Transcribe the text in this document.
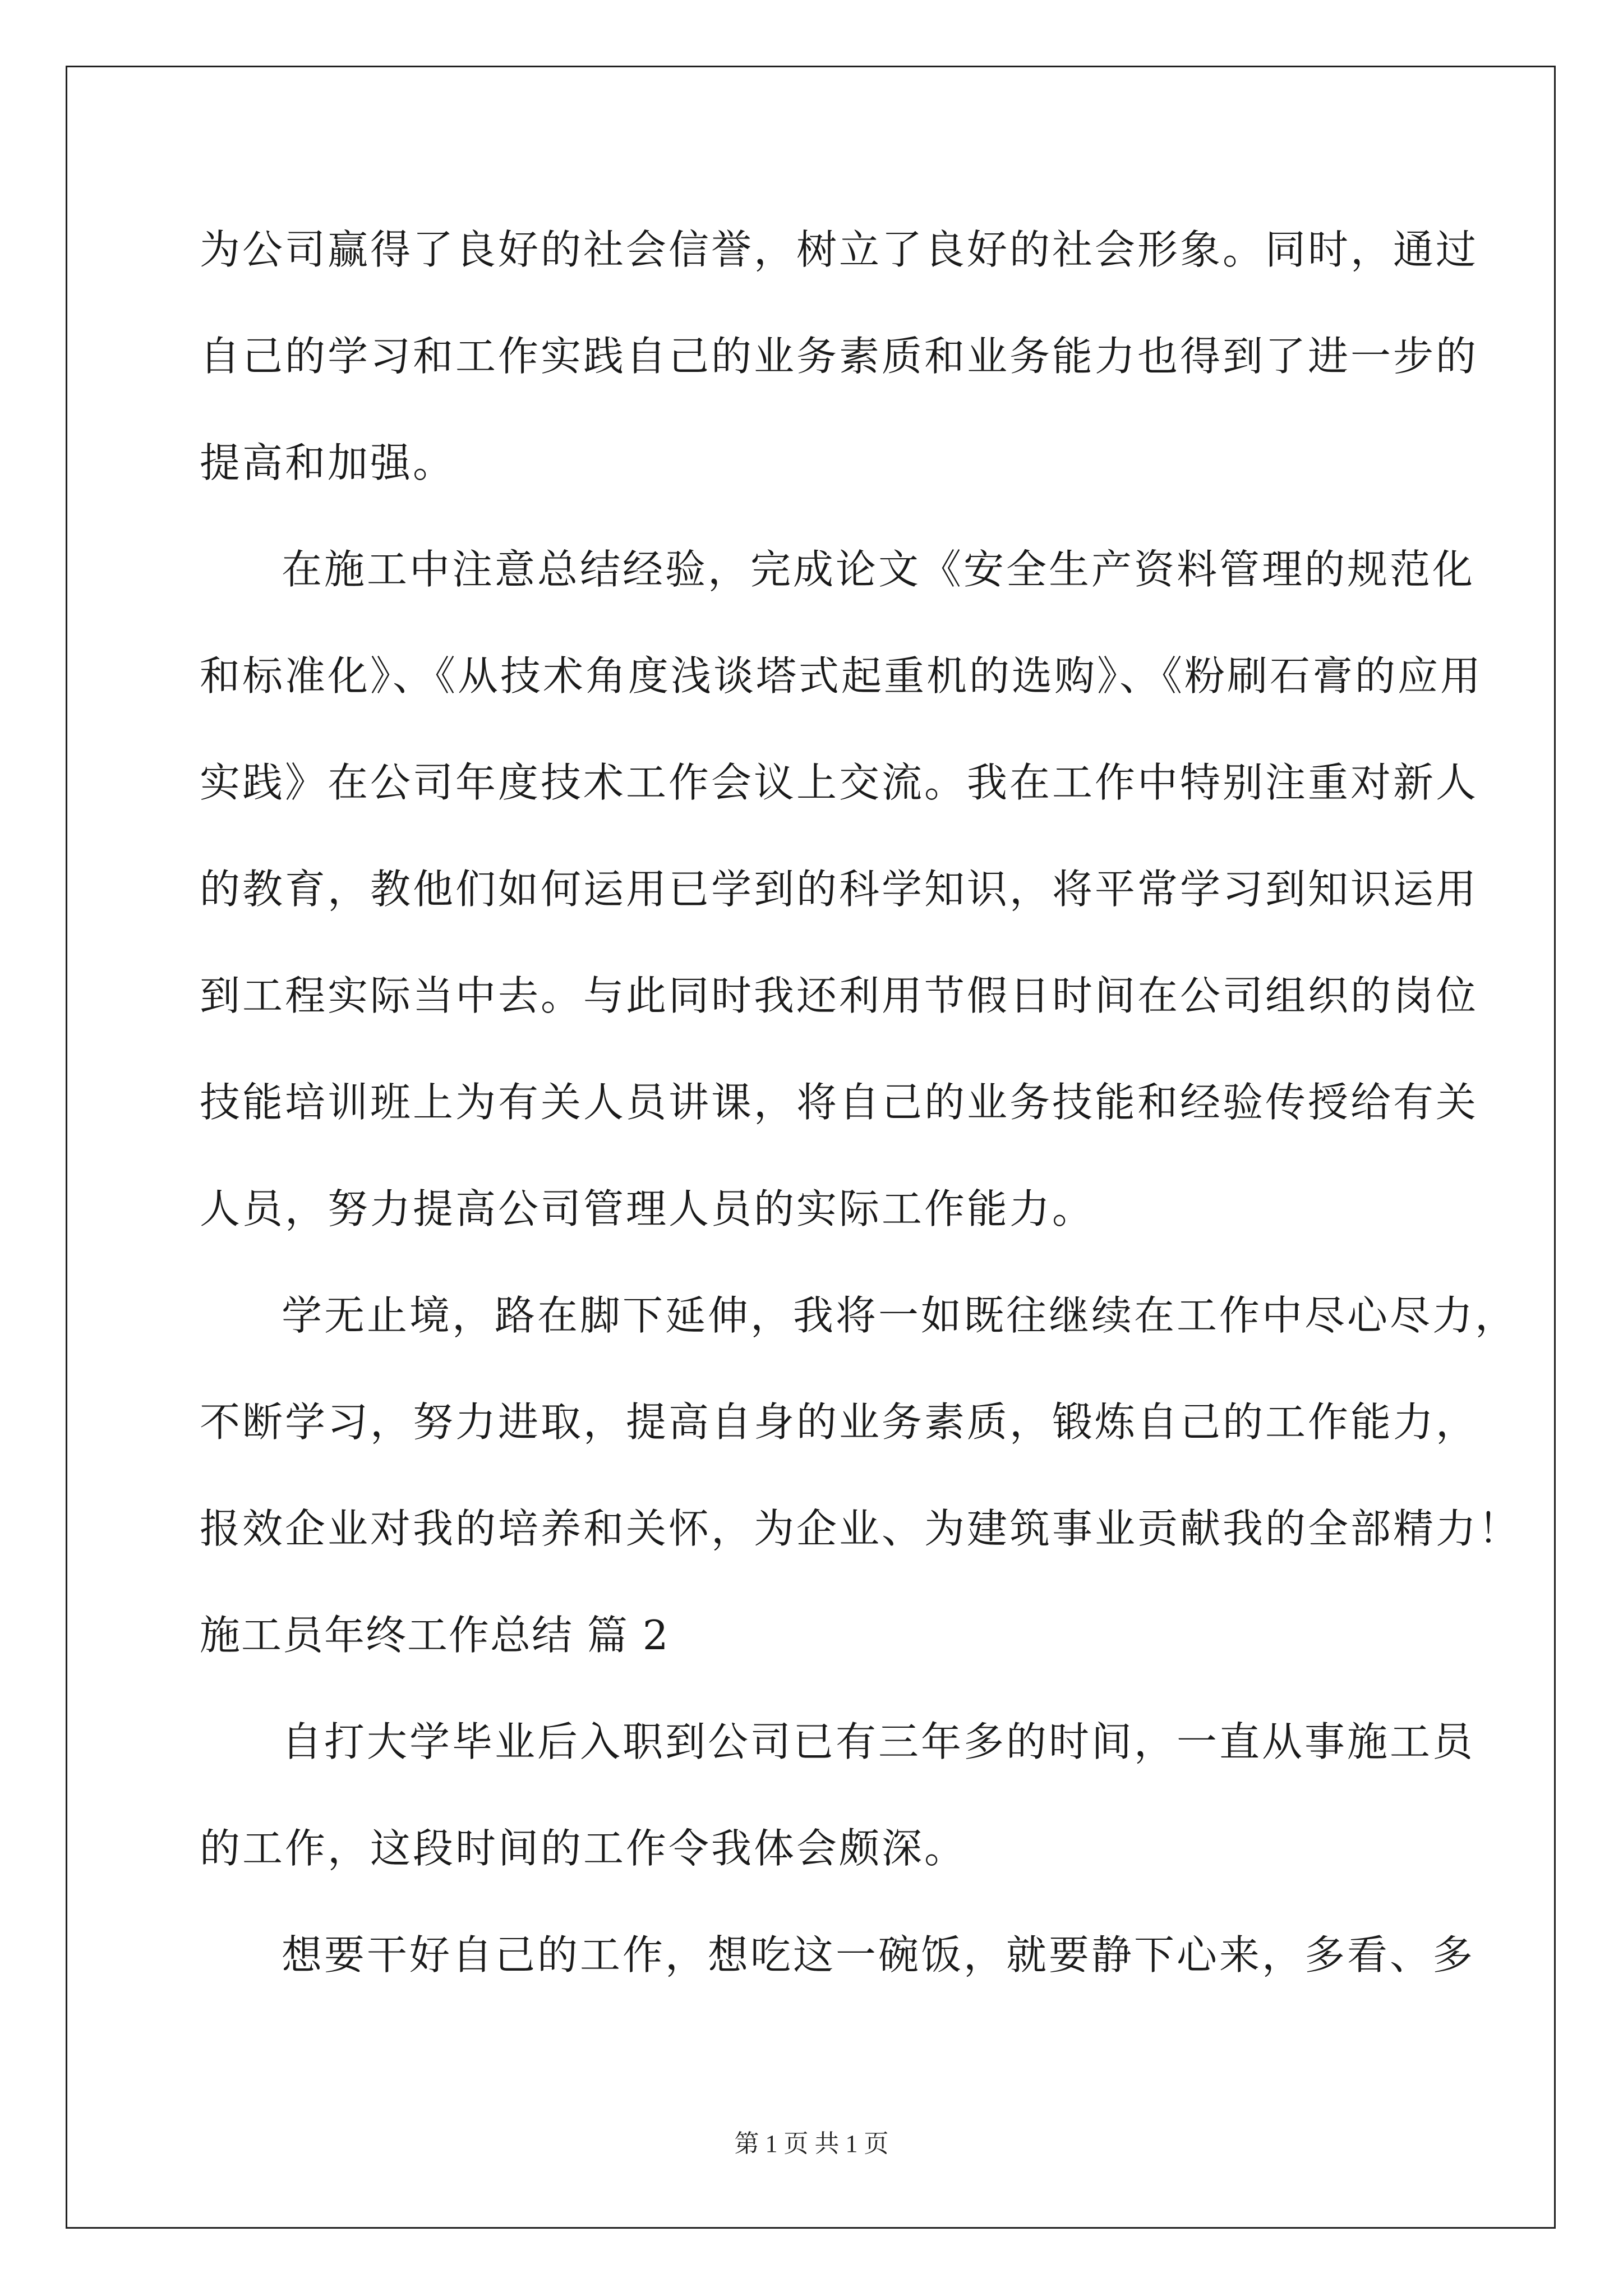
为公司赢得了良好的社会信誉，树立了良好的社会形象。同时，通过
自己的学习和工作实践自己的业务素质和业务能力也得到了进一步的
提高和加强。
在施工中注意总结经验，完成论文《安全生产资料管理的规范化
和标准化》、《从技术角度浅谈塔式起重机的选购》、《粉刷石膏的应用
实践》在公司年度技术工作会议上交流。我在工作中特别注重对新人
的教育，教他们如何运用已学到的科学知识，将平常学习到知识运用
到工程实际当中去。与此同时我还利用节假日时间在公司组织的岗位
技能培训班上为有关人员讲课，将自己的业务技能和经验传授给有关
人员，努力提高公司管理人员的实际工作能力。
学无止境，路在脚下延伸，我将一如既往继续在工作中尽心尽力，
不断学习，努力进取，提高自身的业务素质，锻炼自己的工作能力，
报效企业对我的培养和关怀，为企业、为建筑事业贡献我的全部精力！
施工员年终工作总结 篇 2
自打大学毕业后入职到公司已有三年多的时间，一直从事施工员
的工作，这段时间的工作令我体会颇深。
想要干好自己的工作，想吃这一碗饭，就要静下心来，多看、多
第 1 页 共 1 页
